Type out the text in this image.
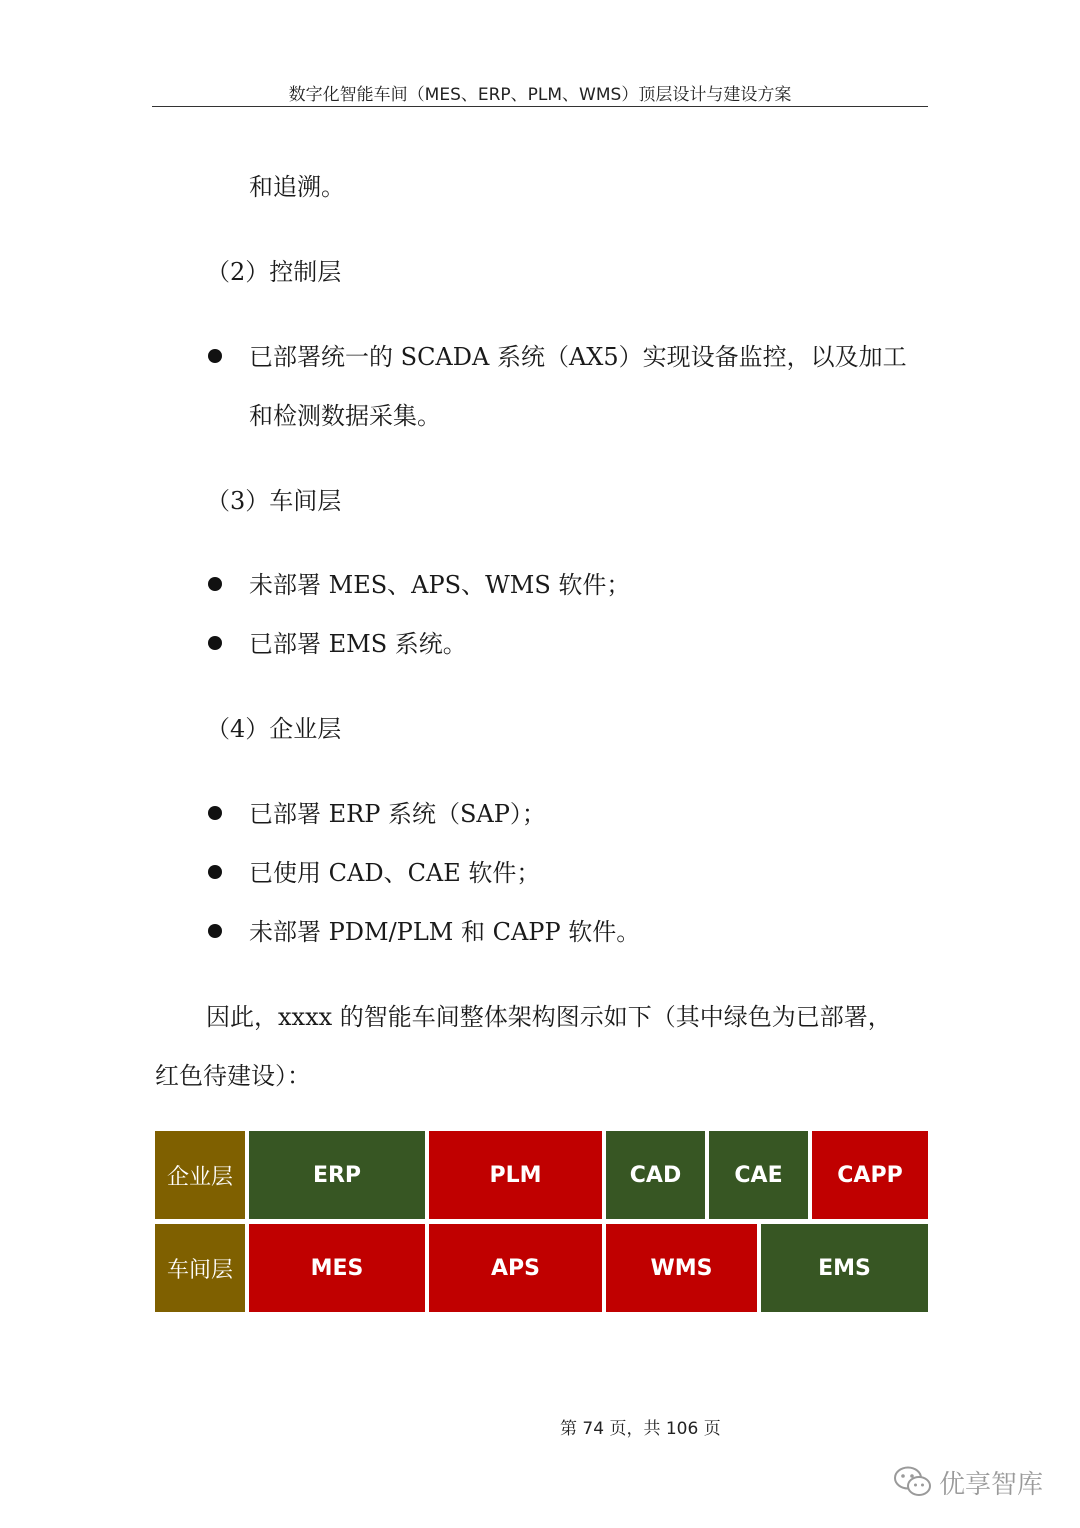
数字化智能车间（MES、ERP、PLM、WMS）顶层设计与建设方案
和追溯。
（2）控制层
已部署统一的 SCADA 系统（AX5）实现设备监控，以及加工
和检测数据采集。
（3）车间层
未部署 MES、APS、WMS 软件；
已部署 EMS 系统。
（4）企业层
已部署 ERP 系统（SAP）；
已使用 CAD、CAE 软件；
未部署 PDM/PLM 和 CAPP 软件。
因此，xxxx 的智能车间整体架构图示如下（其中绿色为已部署，
红色待建设）：
企业层	ERP	PLM	CAD	CAE	CAPP
车间层	MES	APS	WMS	EMS
第 74 页，共 106 页
优享智库
